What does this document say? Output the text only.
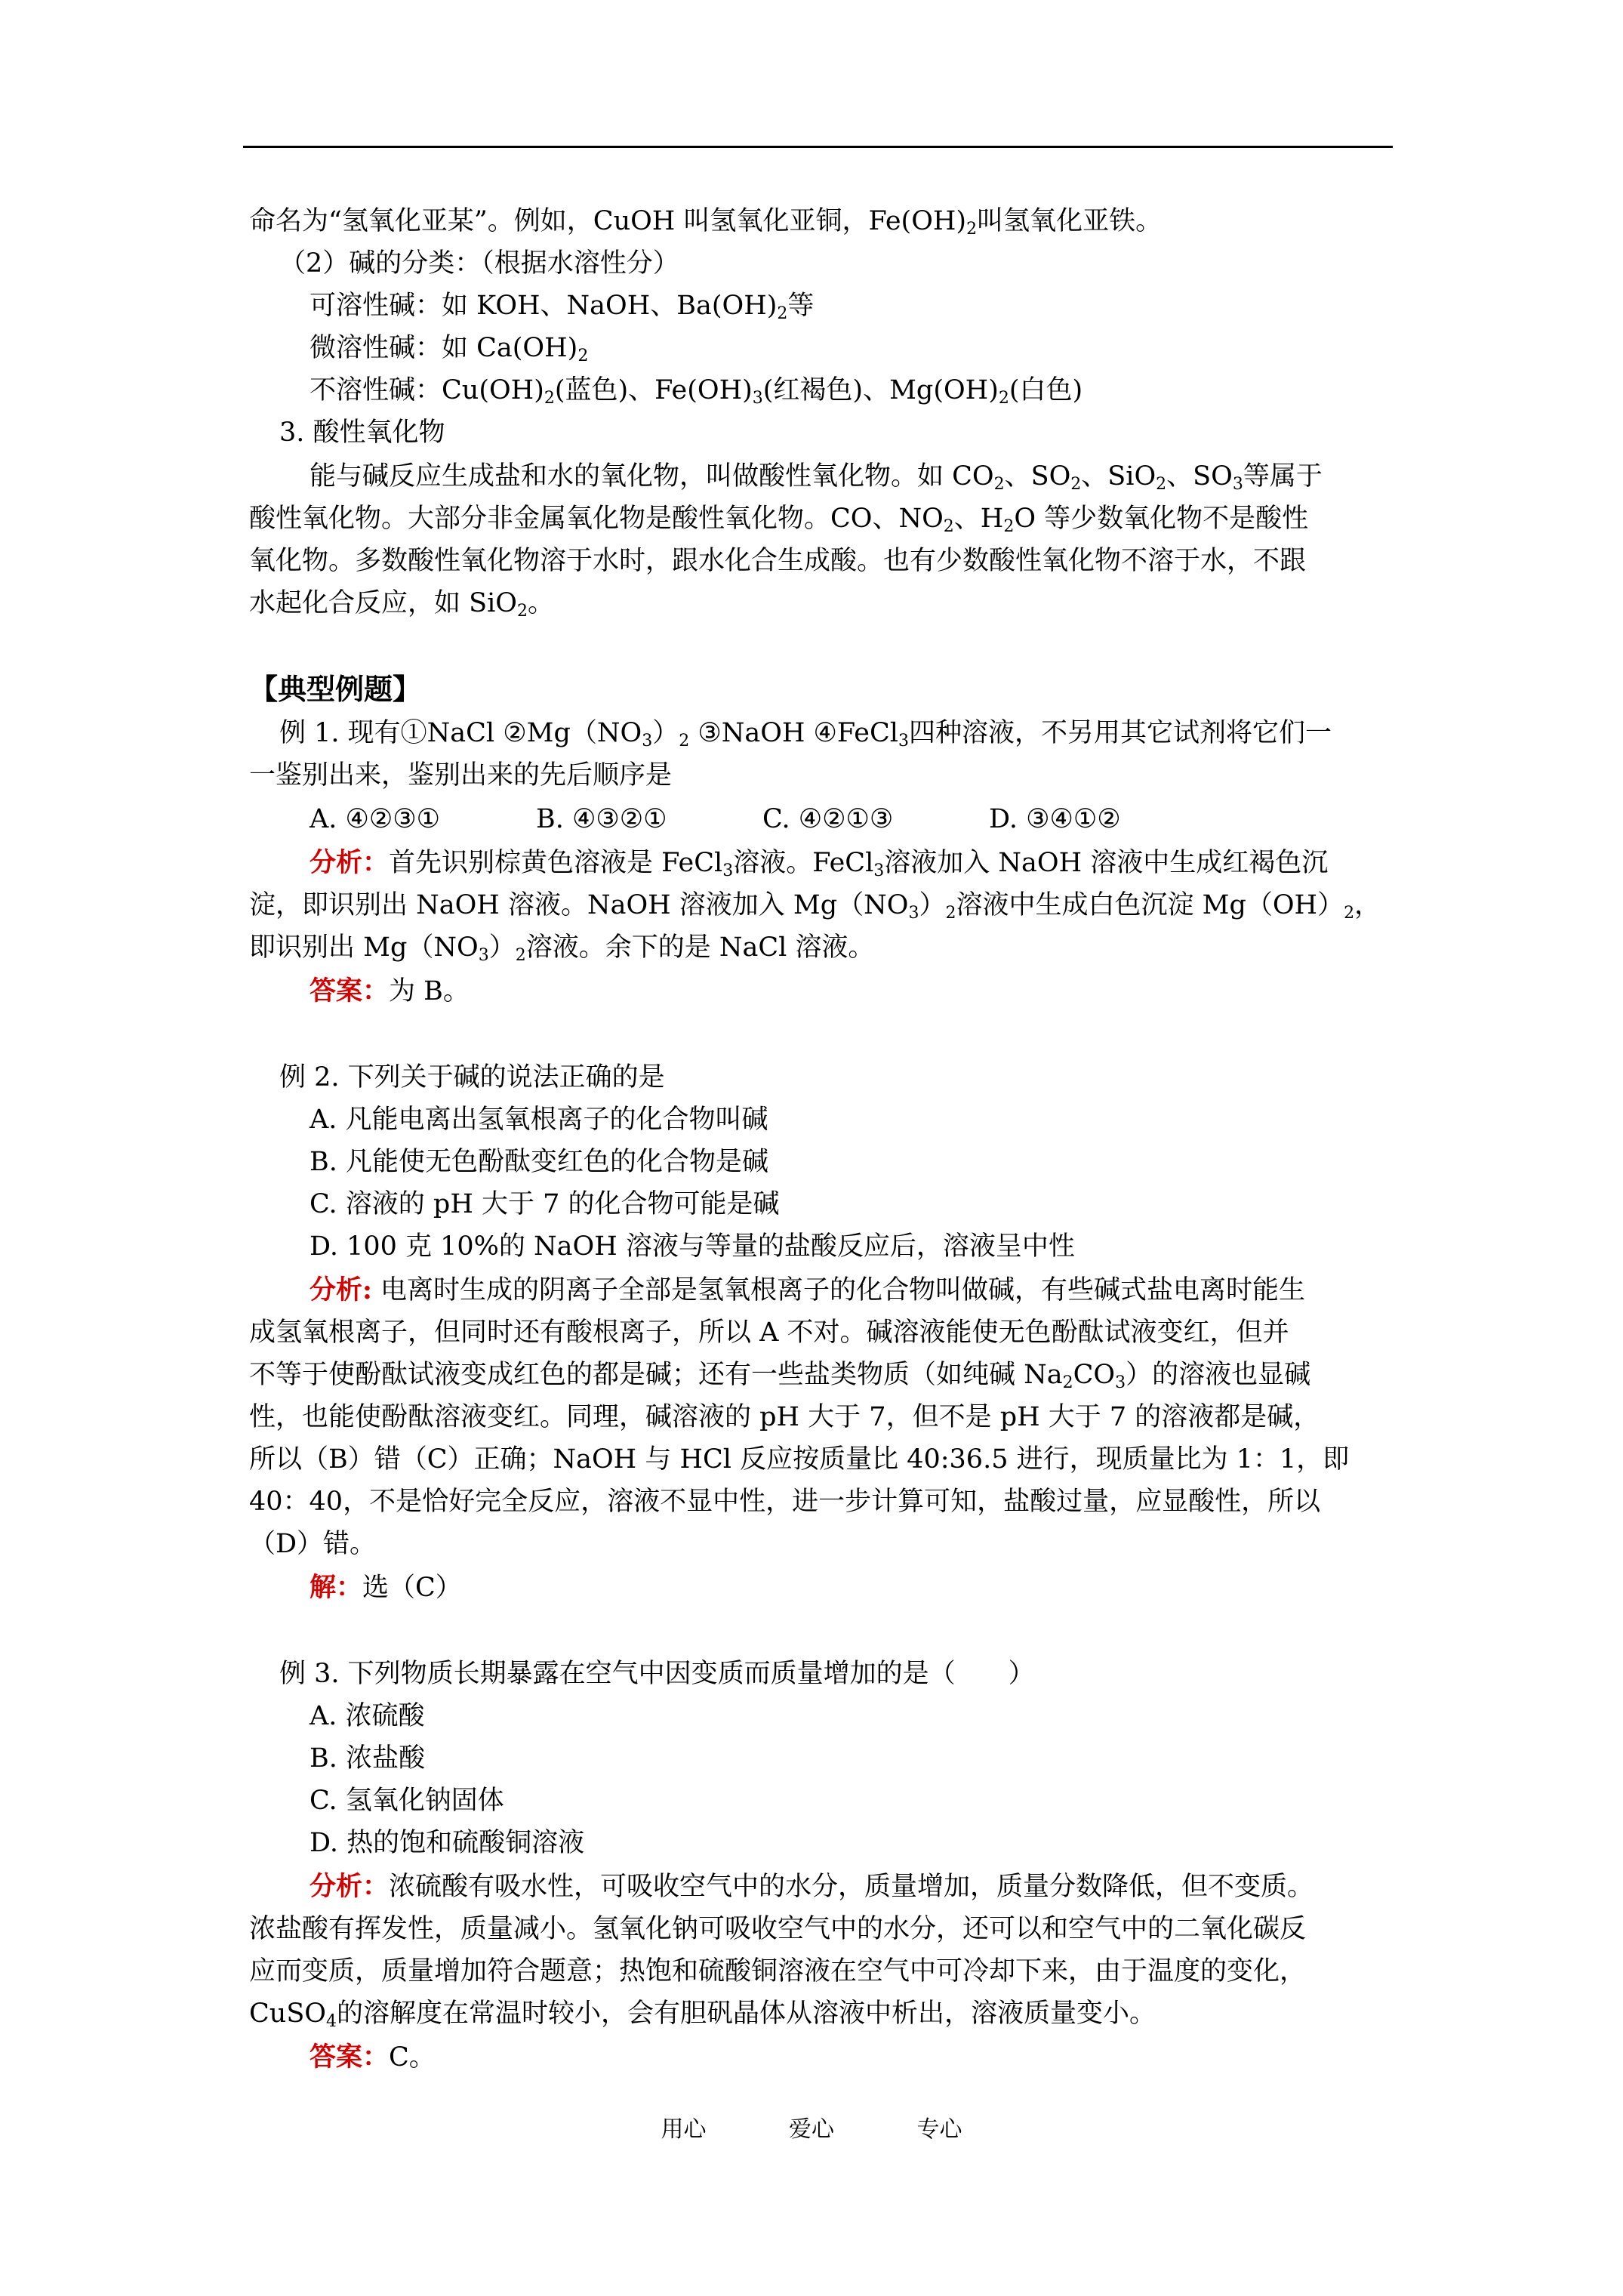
命名为“氢氧化亚某”。例如，CuOH 叫氢氧化亚铜，$Fe(OH)_2$叫氢氧化亚铁。
（2）碱的分类：（根据水溶性分）
可溶性碱：如 KOH、NaOH、$Ba(OH)_2$等
微溶性碱：如 $Ca(OH)_2$
不溶性碱：$Cu(OH)_2$(蓝色)、$Fe(OH)_3$(红褐色)、$Mg(OH)_2$(白色)
3. 酸性氧化物
能与碱反应生成盐和水的氧化物，叫做酸性氧化物。如 $CO_2$、$SO_2$、SiO$_2$、$SO_3$等属于
酸性氧化物。大部分非金属氧化物是酸性氧化物。CO、$NO_2$、$H_2O$ 等少数氧化物不是酸性
氧化物。多数酸性氧化物溶于水时，跟水化合生成酸。也有少数酸性氧化物不溶于水，不跟
水起化合反应，如 SiO$_2$。
【典型例题】
例 1. 现有①NaCl $②Mg(NO_3)_2$ ③NaOH ④FeCl$_3$四种溶液，不另用其它试剂将它们一
一鉴别出来，鉴别出来的先后顺序是
A. ④②③①	B. ④③②①	C. ④②①③	D. ③④①②
分析：首先识别棕黄色溶液是 FeCl$_3$溶液。FeCl$_3$溶液加入 NaOH 溶液中生成红褐色沉
淀，即识别出 NaOH 溶液。NaOH 溶液加入 $Mg(NO_3)_2$溶液中生成白色沉淀 $Mg(OH)_2$，
即识别出 $Mg(NO_3)_2$溶液。余下的是 NaCl 溶液。
答案：为 B。
例 2. 下列关于碱的说法正确的是
A. 凡能电离出氢氧根离子的化合物叫碱
B. 凡能使无色酚酞变红色的化合物是碱
C. 溶液的 pH 大于 7 的化合物可能是碱
D. 100 克 10%的 NaOH 溶液与等量的盐酸反应后，溶液呈中性
分析: 电离时生成的阴离子全部是氢氧根离子的化合物叫做碱，有些碱式盐电离时能生
成氢氧根离子，但同时还有酸根离子，所以 A 不对。碱溶液能使无色酚酞试液变红，但并
不等于使酚酞试液变成红色的都是碱；还有一些盐类物质（如纯碱 $Na_2CO_3$）的溶液也显碱
性，也能使酚酞溶液变红。同理，碱溶液的 pH 大于 7，但不是 pH 大于 7 的溶液都是碱，
所以（B）错（C）正确；NaOH 与 HCl 反应按质量比 40:36.5 进行，现质量比为 1：1，即
40：40，不是恰好完全反应，溶液不显中性，进一步计算可知，盐酸过量，应显酸性，所以
（D）错。
解：选（C）
例 3. 下列物质长期暴露在空气中因变质而质量增加的是（　　）
A. 浓硫酸
B. 浓盐酸
C. 氢氧化钠固体
D. 热的饱和硫酸铜溶液
分析：浓硫酸有吸水性，可吸收空气中的水分，质量增加，质量分数降低，但不变质。
浓盐酸有挥发性，质量减小。氢氧化钠可吸收空气中的水分，还可以和空气中的二氧化碳反
应而变质，质量增加符合题意；热饱和硫酸铜溶液在空气中可冷却下来，由于温度的变化，
CuSO$_4$的溶解度在常温时较小，会有胆矾晶体从溶液中析出，溶液质量变小。
答案：C。
用心	爱心	专心
